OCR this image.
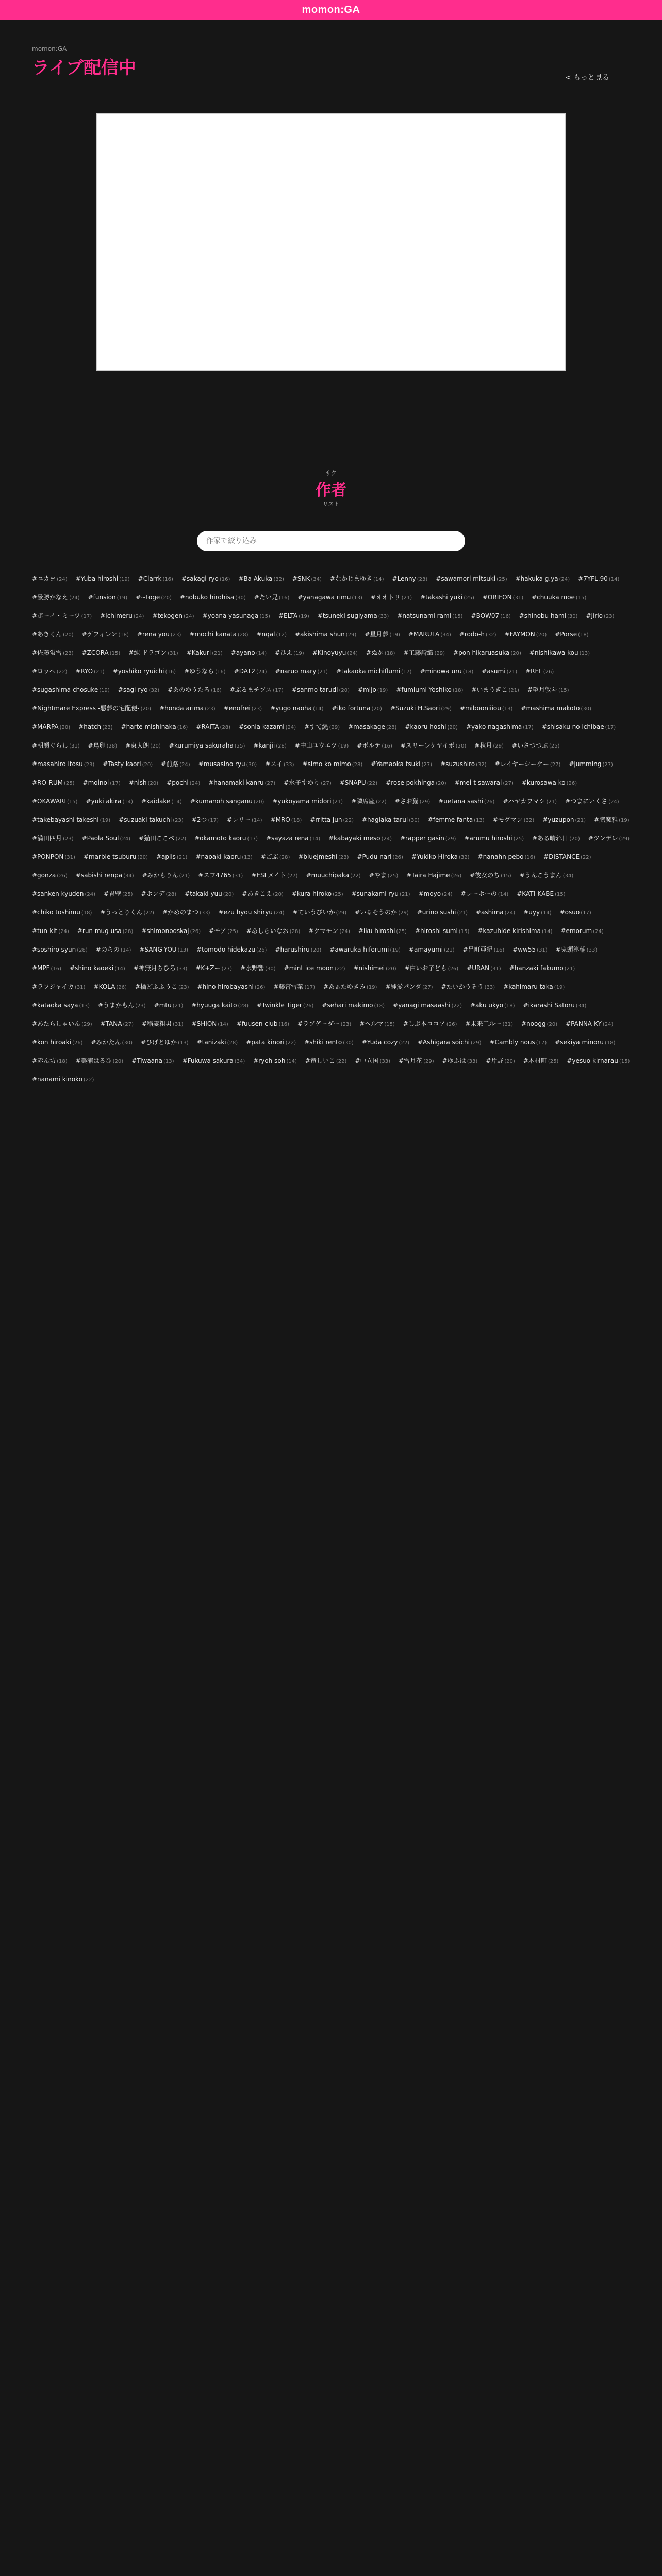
momon:GA
momon:GA
ライブ配信中	< もっと見る
サク
作者
リスト
作家で絞り込み
#ユカヨ (24) #Yuba hiroshi (19) #Clarrk (16) #sakagi ryo (16) #Ba Akuka (32) #SNK (34) #なかじまゆき (14) #Lenny (23) #sawamori mitsuki (25) #hakuka g.ya (24) #7YFL.90 (14)
#景勝かなえ (24) #funsion (19) #~toge (20) #nobuko hirohisa (30) #たい兄 (16) #yanagawa rimu (13) #オオトリ (21) #takashi yuki (25) #ORIFON (31) #chuuka moe (15)
#ボーイ・ミーツ (17) #Ichimeru (24) #tekogen (24) #yoana yasunaga (15) #ELTA (19) #tsuneki sugiyama (33) #natsunami rami (15) #BOW07 (16) #shinobu hami (30) #Jirio (23)
#あきくん (20) #ゲフィレン (18) #rena you (23) #mochi kanata (28) #nqal (12) #akishima shun (29) #星月夢 (19) #MARUTA (34) #rodo-h (32) #FAYMON (20) #Porse (18)
#佐藤蛍雪 (23) #ZCORA (15) #純 ドラゴン (31) #Kakuri (21) #ayano (14) #ひえ (19) #Kinoyuyu (24) #ぬか (18) #工藤詩織 (29) #pon hikaruasuka (20) #nishikawa kou (13)
#ロッヘ (22) #RYO (21) #yoshiko ryuichi (16) #ゆうなら (16) #DAT2 (24) #naruo mary (21) #takaoka michiflumi (17) #minowa uru (18) #asumi (21) #REL (26)
#sugashima chosuke (19) #sagi ryo (32) #あのゆうたろ (16) #ぶるまチプス (17) #sanmo tarudi (20) #mijo (19) #fumiumi Yoshiko (18) #いまうぎこ (21) #望月敦斗 (15)
#Nightmare Express -悪夢の宅配便- (20) #honda arima (23) #enofrei (23) #yugo naoha (14) #iko fortuna (20) #Suzuki H.Saori (29) #mibooniiiou (13) #mashima makoto (30)
#MARPA (20) #hatch (23) #harte mishinaka (16) #RAITA (28) #sonia kazami (24) #すて縄 (29) #masakage (28) #kaoru hoshi (20) #yako nagashima (17) #shisaku no ichibae (17)
#朝顔ぐらし (31) #鳥卵 (28) #東大朗 (20) #kurumiya sakuraha (25) #kanjii (28) #中山ユウエツ (19) #ボルテ (16) #スリーレケヤイポ (20) #秋月 (29) #いさつつぶ (25)
#masahiro itosu (23) #Tasty kaori (20) #前路 (24) #musasino ryu (30) #スイ (33) #simo ko mimo (28) #Yamaoka tsuki (27) #suzushiro (32) #レイヤーシーケー (27) #jumming (27)
#RO-RUM (25) #moinoi (17) #nish (20) #pochi (24) #hanamaki kanru (27) #水子すゆり (27) #SNAPU (22) #rose pokhinga (20) #mei-t sawarai (27) #kurosawa ko (26)
#OKAWARI (15) #yuki akira (14) #kaidake (14) #kumanoh sanganu (20) #yukoyama midori (21) #隣席座 (22) #さお猫 (29) #uetana sashi (26) #ハヤカワマシ (21) #つまにいくさ (24)
#takebayashi takeshi (19) #suzuaki takuchi (23) #2つ (17) #レリー (14) #MRO (18) #rritta jun (22) #hagiaka tarui (30) #femme fanta (13) #モグマン (32) #yuzupon (21) #膳魔雅 (19)
#満田四月 (23) #Paola Soul (24) #猫田ここぺ (22) #okamoto kaoru (17) #sayaza rena (14) #kabayaki meso (24) #rapper gasin (29) #arumu hiroshi (25) #ある晴れ日 (20) #ツンデレ (29)
#PONPON (31) #marbie tsuburu (20) #aplis (21) #naoaki kaoru (13) #ごぶ (28) #bluejmeshi (23) #Pudu nari (26) #Yukiko Hiroka (32) #nanahn pebo (16) #DISTANCE (22)
#gonza (26) #sabishi renpa (34) #みかもりん (21) #スフ4765 (31) #ESLメイト (27) #muuchipaka (22) #やま (25) #Taira Hajime (26) #彼女のち (15) #うんこうまん (34)
#sanken kyuden (24) #胃壁 (25) #ホンデ (28) #takaki yuu (20) #あきこえ (20) #kura hiroko (25) #sunakami ryu (21) #moyo (24) #レーホーの (14) #KATI-KABE (15)
#chiko toshimu (18) #うっとりくん (22) #かめのまつ (33) #ezu hyou shiryu (24) #ていうびいか (29) #いるそうのか (29) #urino sushi (21) #ashima (24) #uyy (14) #osuo (17)
#tun-kit (24) #run mug usa (28) #shimonooskaj (26) #モア (25) #あしらいなお (28) #クマモン (24) #iku hiroshi (25) #hiroshi sumi (15) #kazuhide kirishima (14) #emorum (24)
#soshiro syun (28) #のらの (14) #SANG-YOU (13) #tomodo hidekazu (26) #harushiru (20) #awaruka hiforumi (19) #amayumi (21) #呂町亜紀 (16) #ww55 (31) #鬼頭淳輔 (33)
#MPF (16) #shino kaoeki (14) #神無月ちひろ (33) #K+Zー (27) #水野響 (30) #mint ice moon (22) #nishimei (20) #白いお子ども (26) #URAN (31) #hanzaki fakumo (21)
#ラフジャイカ (31) #KOLA (26) #橘どふふうこ (23) #hino hirobayashi (26) #藤宮雪菜 (17) #あぁたゆきみ (19) #純愛パンダ (27) #たいかうそう (33) #kahimaru taka (19)
#kataoka saya (13) #うまかもん (23) #mtu (21) #hyuuga kaito (28) #Twinkle Tiger (26) #sehari makimo (18) #yanagi masaashi (22) #aku ukyo (18) #ikarashi Satoru (34)
#あたらしゃいん (29) #TANA (27) #稲妻粗男 (31) #SHION (14) #fuusen club (16) #ラブゲーダー (23) #ヘルマ (15) #しぶ本ココア (26) #未来工ルー (31) #noogg (20) #PANNA-KY (24)
#kon hiroaki (26) #みかたん (30) #ひげとゆか (13) #tanizaki (28) #pata kinori (22) #shiki rento (30) #Yuda cozy (22) #Ashigara soichi (29) #Cambly nous (17) #sekiya minoru (18)
#赤ん坊 (18) #美浦はるひ (20) #Tiwaana (13) #Fukuwa sakura (34) #ryoh soh (14) #竜しいこ (22) #中立国 (33) #雪月花 (29) #ゆふは (33) #片野 (20) #木村町 (25) #yesuo kirnarau (15)
#nanami kinoko (22)
